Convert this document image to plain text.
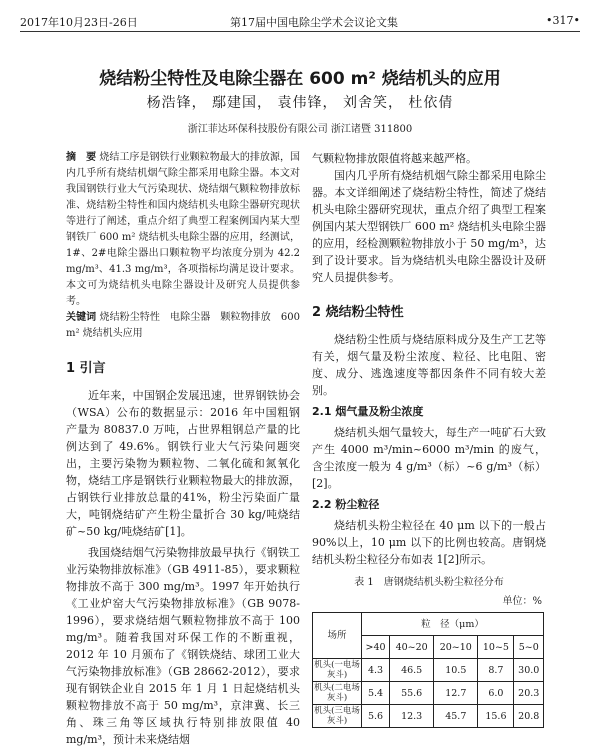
2017年10月23日-26日	第17届中国电除尘学术会议论文集	•317•
烧结粉尘特性及电除尘器在 600 m² 烧结机头的应用
杨浩锋， 鄢建国， 袁伟锋， 刘舍笑， 杜依倩
浙江菲达环保科技股份有限公司 浙江诸暨 311800

摘　要 烧结工序是钢铁行业颗粒物最大的排放源，国内几乎所有烧结机烟气除尘都采用电除尘器。本文对我国钢铁行业大气污染现状、烧结烟气颗粒物排放标准、烧结粉尘特性和国内烧结机头电除尘器研究现状等进行了阐述，重点介绍了典型工程案例国内某大型钢铁厂 600 m² 烧结机头电除尘器的应用，经测试，1#、2#电除尘器出口颗粒物平均浓度分别为 42.2 mg/m³、41.3 mg/m³，各项指标均满足设计要求。本文可为烧结机头电除尘器设计及研究人员提供参考。

关键词 烧结粉尘特性　电除尘器　颗粒物排放　600 m² 烧结机头应用

1 引言

近年来，中国钢企发展迅速，世界钢铁协会（WSA）公布的数据显示：2016 年中国粗钢产量为 80837.0 万吨，占世界粗钢总产量的比例达到了 49.6%。钢铁行业大气污染问题突出，主要污染物为颗粒物、二氧化硫和氮氧化物，烧结工序是钢铁行业颗粒物最大的排放源，占钢铁行业排放总量的41%，粉尘污染面广量大，吨钢烧结矿产生粉尘量折合 30 kg/吨烧结矿~50 kg/吨烧结矿[1]。

我国烧结烟气污染物排放最早执行《钢铁工业污染物排放标准》（GB 4911-85），要求颗粒物排放不高于 300 mg/m³。1997 年开始执行《工业炉窑大气污染物排放标准》（GB 9078-1996），要求烧结烟气颗粒物排放不高于 100 mg/m³。随着我国对环保工作的不断重视，2012 年 10 月颁布了《钢铁烧结、球团工业大气污染物排放标准》（GB 28662-2012），要求现有钢铁企业自 2015 年 1 月 1 日起烧结机头颗粒物排放不高于 50 mg/m³，京津冀、长三角、珠三角等区域执行特别排放限值 40 mg/m³，预计未来烧结烟

气颗粒物排放限值将越来越严格。

国内几乎所有烧结机烟气除尘都采用电除尘器。本文详细阐述了烧结粉尘特性，简述了烧结机头电除尘器研究现状，重点介绍了典型工程案例国内某大型钢铁厂 600 m² 烧结机头电除尘器的应用，经检测颗粒物排放小于 50 mg/m³，达到了设计要求。旨为烧结机头电除尘器设计及研究人员提供参考。

2 烧结粉尘特性

烧结粉尘性质与烧结原料成分及生产工艺等有关，烟气量及粉尘浓度、粒径、比电阻、密度、成分、逃逸速度等都因条件不同有较大差别。

2.1 烟气量及粉尘浓度

烧结机头烟气量较大，每生产一吨矿石大致产生 4000 m³/min~6000 m³/min 的废气，含尘浓度一般为 4 g/m³（标）~6 g/m³（标）[2]。

2.2 粉尘粒径

烧结机头粉尘粒径在 40 μm 以下的一般占 90%以上，10 μm 以下的比例也较高。唐钢烧结机头粉尘粒径分布如表 1[2]所示。

表 1　唐钢烧结机头粉尘粒径分布
单位：%
场所	粒　径（μm）				
	>40	40~20	20~10	10~5	5~0
机头(一电场灰斗)	4.3	46.5	10.5	8.7	30.0
机头(二电场灰斗)	5.4	55.6	12.7	6.0	20.3
机头(三电场灰斗)	5.6	12.3	45.7	15.6	20.8
